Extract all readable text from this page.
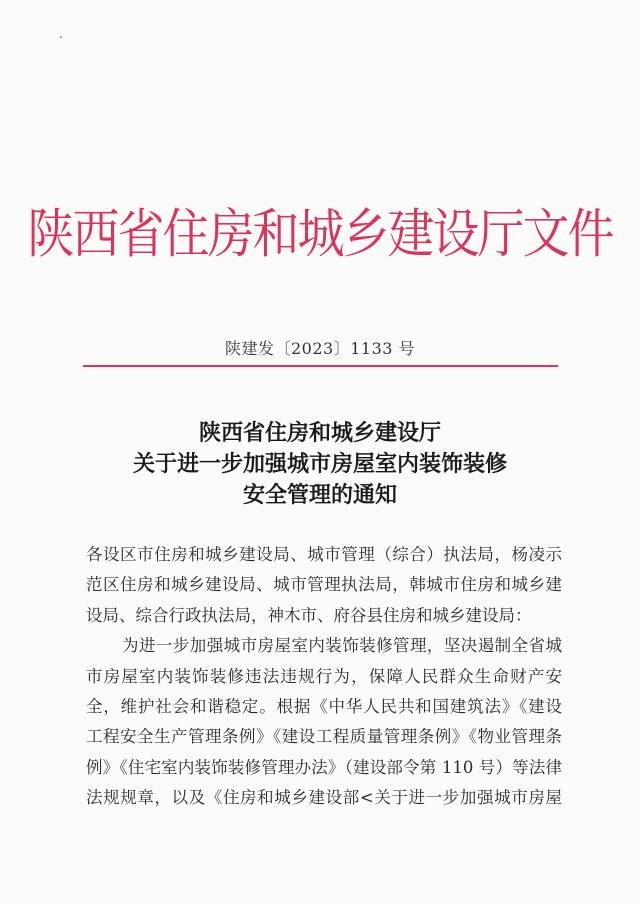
陕西省住房和城乡建设厅文件
陕建发〔2023〕1133 号
陕西省住房和城乡建设厅
关于进一步加强城市房屋室内装饰装修
安全管理的通知
各设区市住房和城乡建设局、城市管理（综合）执法局，杨凌示
范区住房和城乡建设局、城市管理执法局，韩城市住房和城乡建
设局、综合行政执法局，神木市、府谷县住房和城乡建设局：
为进一步加强城市房屋室内装饰装修管理，坚决遏制全省城
市房屋室内装饰装修违法违规行为，保障人民群众生命财产安
全，维护社会和谐稳定。根据《中华人民共和国建筑法》《建设
工程安全生产管理条例》《建设工程质量管理条例》《物业管理条
例》《住宅室内装饰装修管理办法》（建设部令第 110 号）等法律
法规规章，以及《住房和城乡建设部<关于进一步加强城市房屋
